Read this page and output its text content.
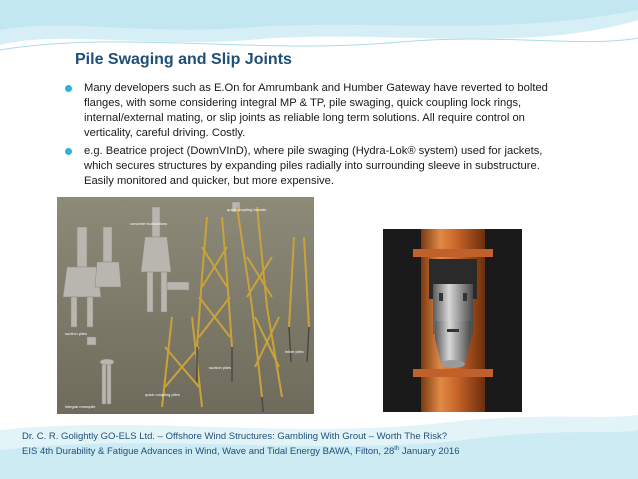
Pile Swaging and Slip Joints
Many developers such as E.On for Amrumbank and Humber Gateway have reverted to bolted flanges, with some considering integral MP & TP, pile swaging, quick coupling lock rings, internal/external mating, or slip joints as reliable long term solutions. All require control on verticality, careful driving. Costly.
e.g. Beatrice project (DownVInD), where pile swaging (Hydra-Lok® system) used for jackets, which secures structures by expanding piles radially into surrounding sleeve in substructure. Easily monitored and quicker, but more expensive.
concrete foundations
quick coupling topside
suction piles
inline piles
suction piles
quick coupling piles
integral monopile
Dr. C. R. Golightly GO-ELS Ltd. – Offshore Wind Structures: Gambling With Grout – Worth The Risk?
EIS 4th Durability & Fatigue Advances in Wind, Wave and Tidal Energy BAWA, Filton, 28th January 2016
